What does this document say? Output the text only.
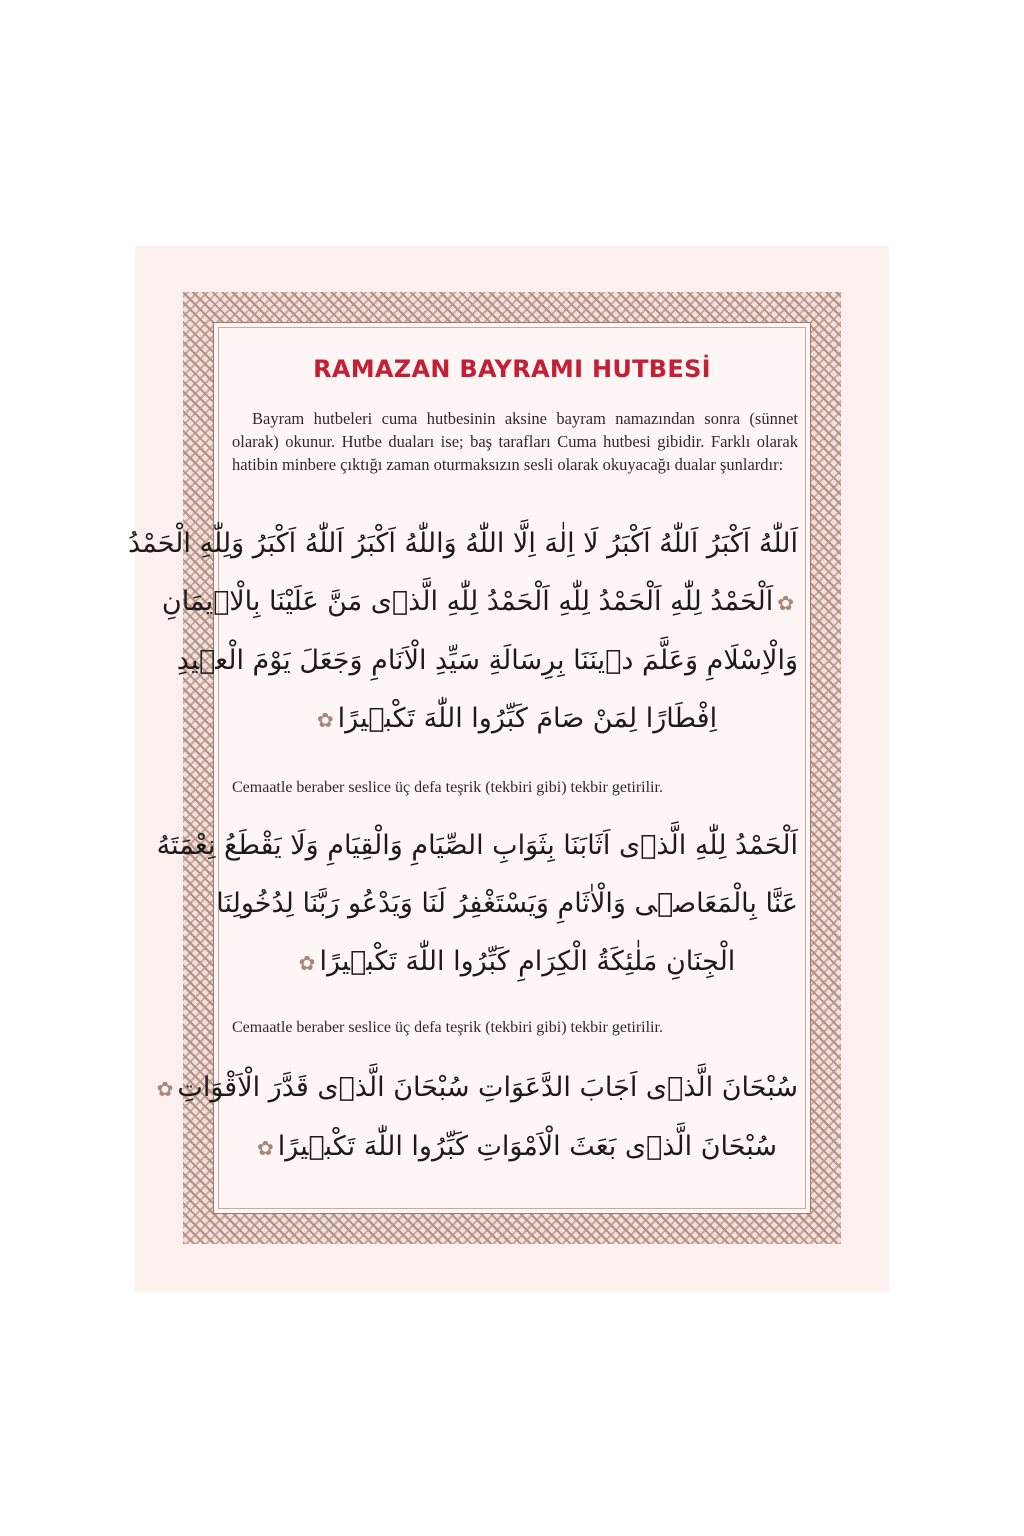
RAMAZAN BAYRAMI HUTBESİ

Bayram hutbeleri cuma hutbesinin aksine bayram namazından sonra (sünnet olarak) okunur. Hutbe duaları ise; baş tarafları Cuma hutbesi gibidir. Farklı olarak hatibin minbere çıktığı zaman oturmaksızın sesli olarak okuyacağı dualar şunlardır:

اَللّٰهُ اَكْبَرُ اَللّٰهُ اَكْبَرُ لَا اِلٰهَ اِلَّا اللّٰهُ وَاللّٰهُ اَكْبَرُ اَللّٰهُ اَكْبَرُ وَلِلّٰهِ الْحَمْدُ
✿اَلْحَمْدُ لِلّٰهِ اَلْحَمْدُ لِلّٰهِ اَلْحَمْدُ لِلّٰهِ الَّذٖى مَنَّ عَلَيْنَا بِالْاٖيمَانِ
وَالْاِسْلَامِ وَعَلَّمَ دٖينَنَا بِرِسَالَةِ سَيِّدِ الْاَنَامِ وَجَعَلَ يَوْمَ الْعٖيدِ
اِفْطَارًا لِمَنْ صَامَ كَبِّرُوا اللّٰهَ تَكْبٖيرًا✿
Cemaatle beraber seslice üç defa teşrik (tekbiri gibi) tekbir getirilir.
اَلْحَمْدُ لِلّٰهِ الَّذٖى اَثَابَنَا بِثَوَابِ الصِّيَامِ وَالْقِيَامِ وَلَا يَقْطَعُ نِعْمَتَهُ
عَنَّا بِالْمَعَاصٖى وَالْاٰثَامِ وَيَسْتَغْفِرُ لَنَا وَيَدْعُو رَبَّنَا لِدُخُولِنَا
الْجِنَانِ مَلٰئِكَةُ الْكِرَامِ كَبِّرُوا اللّٰهَ تَكْبٖيرًا✿
Cemaatle beraber seslice üç defa teşrik (tekbiri gibi) tekbir getirilir.
سُبْحَانَ الَّذٖى اَجَابَ الدَّعَوَاتِ سُبْحَانَ الَّذٖى قَدَّرَ الْاَقْوَاتِ✿
سُبْحَانَ الَّذٖى بَعَثَ الْاَمْوَاتِ كَبِّرُوا اللّٰهَ تَكْبٖيرًا✿
